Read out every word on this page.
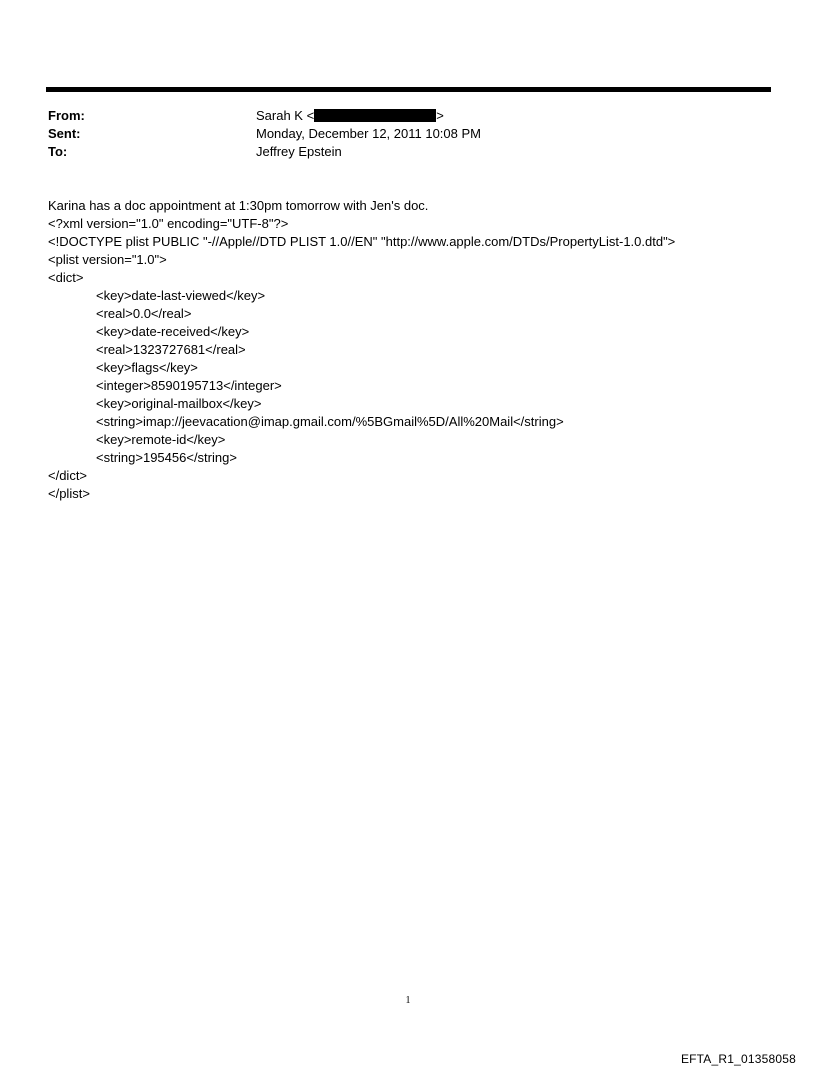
From:	Sarah K <	>
Sent:	Monday, December 12, 2011 10:08 PM
To:	Jeffrey Epstein
Karina has a doc appointment at 1:30pm tomorrow with Jen's doc.
<?xml version="1.0" encoding="UTF-8"?>
<!DOCTYPE plist PUBLIC "-//Apple//DTD PLIST 1.0//EN" "http://www.apple.com/DTDs/PropertyList-1.0.dtd">
<plist version="1.0">
<dict>
<key>date-last-viewed</key>
<real>0.0</real>
<key>date-received</key>
<real>1323727681</real>
<key>flags</key>
<integer>8590195713</integer>
<key>original-mailbox</key>
<string>imap://jeevacation@imap.gmail.com/%5BGmail%5D/All%20Mail</string>
<key>remote-id</key>
<string>195456</string>
</dict>
</plist>
1
EFTA_R1_01358058
